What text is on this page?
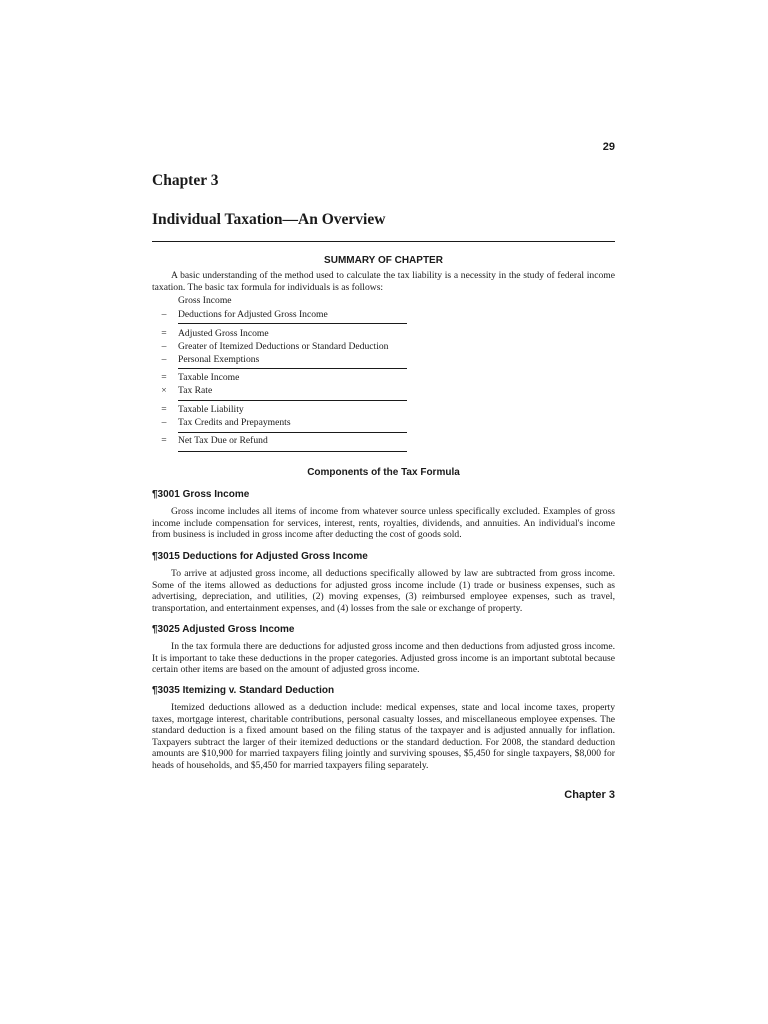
29
Chapter 3
Individual Taxation—An Overview
SUMMARY OF CHAPTER

A basic understanding of the method used to calculate the tax liability is a necessity in the study of federal income taxation. The basic tax formula for individuals is as follows:

Gross Income
–	Deductions for Adjusted Gross Income
=	Adjusted Gross Income
–	Greater of Itemized Deductions or Standard Deduction
–	Personal Exemptions
=	Taxable Income
×	Tax Rate
=	Taxable Liability
–	Tax Credits and Prepayments
=	Net Tax Due or Refund
Components of the Tax Formula
¶3001 Gross Income

Gross income includes all items of income from whatever source unless specifically excluded. Examples of gross income include compensation for services, interest, rents, royalties, dividends, and annuities. An individual's income from business is included in gross income after deducting the cost of goods sold.

¶3015 Deductions for Adjusted Gross Income

To arrive at adjusted gross income, all deductions specifically allowed by law are subtracted from gross income. Some of the items allowed as deductions for adjusted gross income include (1) trade or business expenses, such as advertising, depreciation, and utilities, (2) moving expenses, (3) reimbursed employee expenses, such as travel, transportation, and entertainment expenses, and (4) losses from the sale or exchange of property.

¶3025 Adjusted Gross Income

In the tax formula there are deductions for adjusted gross income and then deductions from adjusted gross income. It is important to take these deductions in the proper categories. Adjusted gross income is an important subtotal because certain other items are based on the amount of adjusted gross income.

¶3035 Itemizing v. Standard Deduction

Itemized deductions allowed as a deduction include: medical expenses, state and local income taxes, property taxes, mortgage interest, charitable contributions, personal casualty losses, and miscellaneous employee expenses. The standard deduction is a fixed amount based on the filing status of the taxpayer and is adjusted annually for inflation. Taxpayers subtract the larger of their itemized deductions or the standard deduction. For 2008, the standard deduction amounts are $10,900 for married taxpayers filing jointly and surviving spouses, $5,450 for single taxpayers, $8,000 for heads of households, and $5,450 for married taxpayers filing separately.

Chapter 3
